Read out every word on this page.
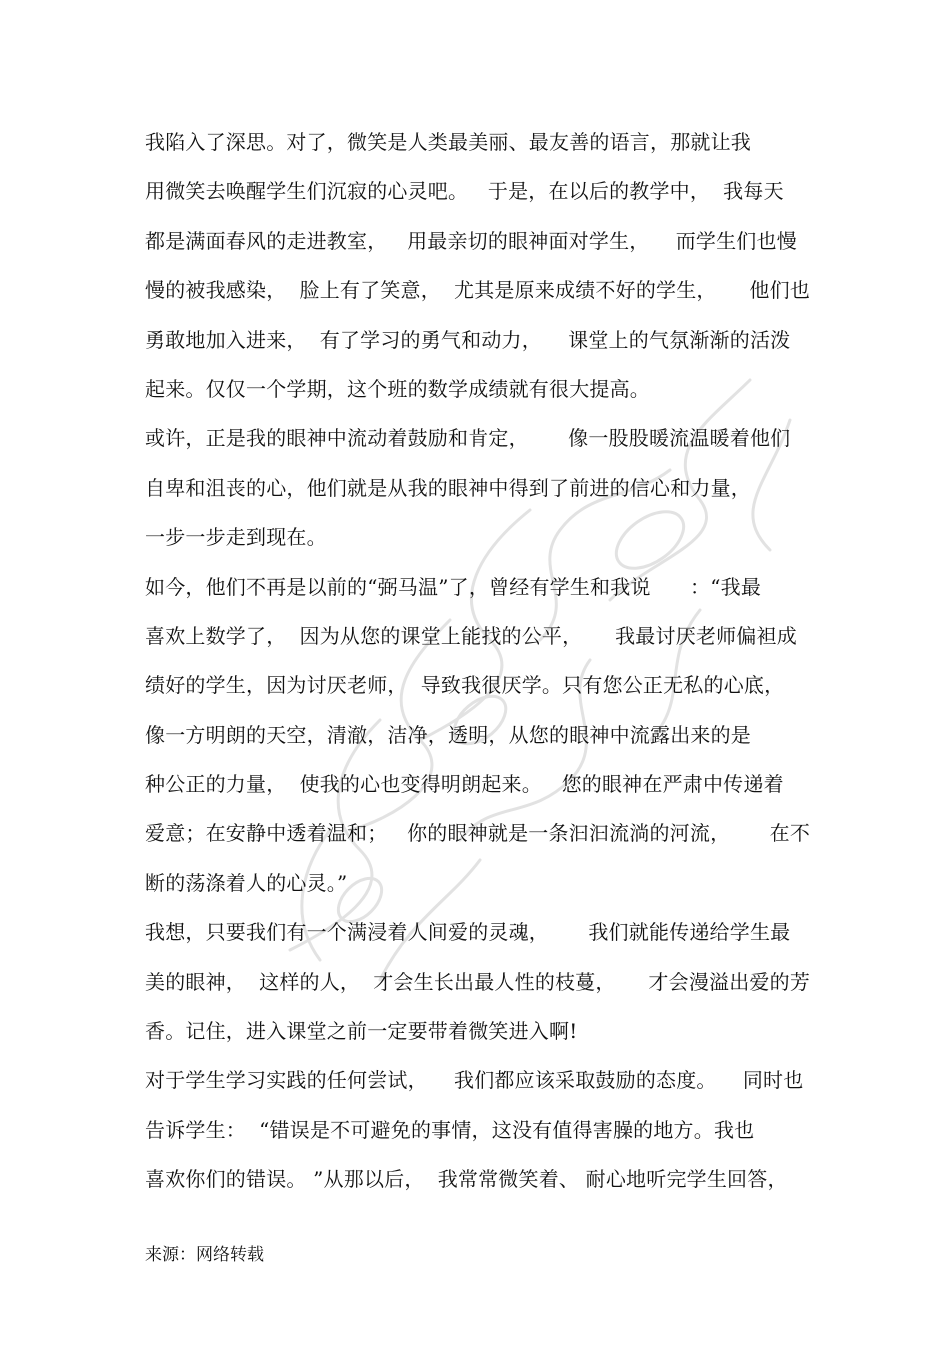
我陷入了深思。对了，微笑是人类最美丽、最友善的语言，那就让我
用微笑去唤醒学生们沉寂的心灵吧。   于是，在以后的教学中，  我每天
都是满面春风的走进教室，   用最亲切的眼神面对学生，    而学生们也慢
慢的被我感染，  脸上有了笑意，  尤其是原来成绩不好的学生，     他们也
勇敢地加入进来，  有了学习的勇气和动力，    课堂上的气氛渐渐的活泼
起来。仅仅一个学期，这个班的数学成绩就有很大提高。
或许，正是我的眼神中流动着鼓励和肯定，      像一股股暖流温暖着他们
自卑和沮丧的心，他们就是从我的眼神中得到了前进的信心和力量，
一步一步走到现在。
如今，他们不再是以前的“弼马温”了，曾经有学生和我说      ：“我最
喜欢上数学了，  因为从您的课堂上能找的公平，     我最讨厌老师偏袒成
绩好的学生，因为讨厌老师，  导致我很厌学。只有您公正无私的心底，
像一方明朗的天空，清澈，洁净，透明，从您的眼神中流露出来的是
种公正的力量，  使我的心也变得明朗起来。   您的眼神在严肃中传递着
爱意；在安静中透着温和；   你的眼神就是一条汩汩流淌的河流，      在不
断的荡涤着人的心灵。”
我想，只要我们有一个满浸着人间爱的灵魂，      我们就能传递给学生最
美的眼神，  这样的人，  才会生长出最人性的枝蔓，     才会漫溢出爱的芳
香。记住，进入课堂之前一定要带着微笑进入啊!
对于学生学习实践的任何尝试，    我们都应该采取鼓励的态度。    同时也
告诉学生：  “错误是不可避免的事情，这没有值得害臊的地方。我也
喜欢你们的错误。 ”从那以后，  我常常微笑着、 耐心地听完学生回答，
来源：网络转载
